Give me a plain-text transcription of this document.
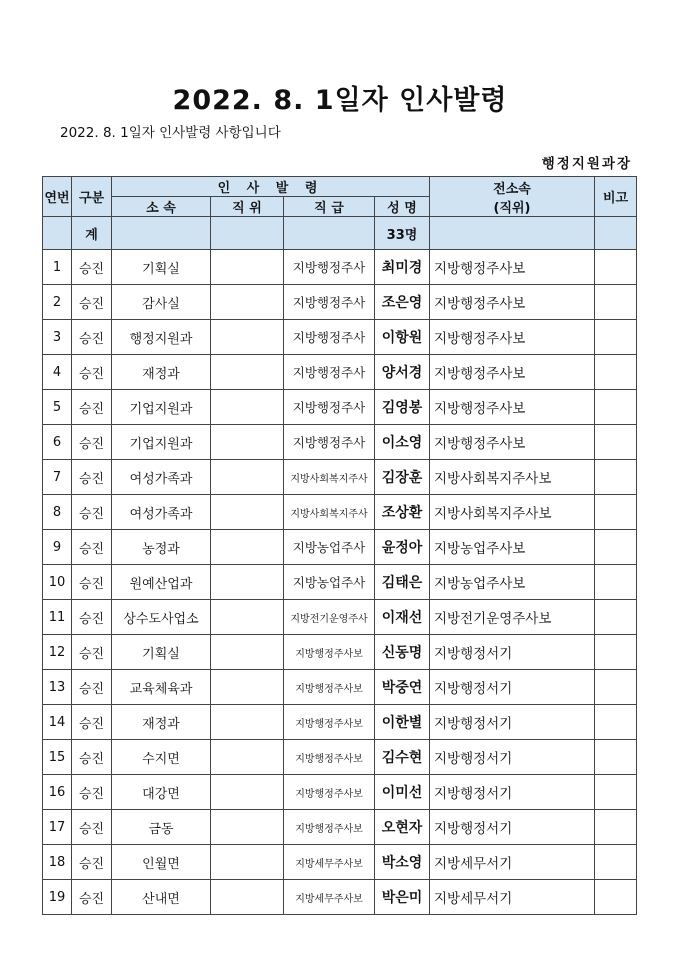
2022. 8. 1일자 인사발령
2022. 8. 1일자 인사발령 사항입니다
행정지원과장
연번	구분	인 사 발 령				전소속
(직위)	비고
		소 속	직 위	직 급	성 명		
	계				33명		
1	승진	기획실		지방행정주사	최미경	지방행정주사보	
2	승진	감사실		지방행정주사	조은영	지방행정주사보	
3	승진	행정지원과		지방행정주사	이항원	지방행정주사보	
4	승진	재정과		지방행정주사	양서경	지방행정주사보	
5	승진	기업지원과		지방행정주사	김영봉	지방행정주사보	
6	승진	기업지원과		지방행정주사	이소영	지방행정주사보	
7	승진	여성가족과		지방사회복지주사	김장훈	지방사회복지주사보	
8	승진	여성가족과		지방사회복지주사	조상환	지방사회복지주사보	
9	승진	농정과		지방농업주사	윤정아	지방농업주사보	
10	승진	원예산업과		지방농업주사	김태은	지방농업주사보	
11	승진	상수도사업소		지방전기운영주사	이재선	지방전기운영주사보	
12	승진	기획실		지방행정주사보	신동명	지방행정서기	
13	승진	교육체육과		지방행정주사보	박중연	지방행정서기	
14	승진	재정과		지방행정주사보	이한별	지방행정서기	
15	승진	수지면		지방행정주사보	김수현	지방행정서기	
16	승진	대강면		지방행정주사보	이미선	지방행정서기	
17	승진	금동		지방행정주사보	오현자	지방행정서기	
18	승진	인월면		지방세무주사보	박소영	지방세무서기	
19	승진	산내면		지방세무주사보	박은미	지방세무서기	
